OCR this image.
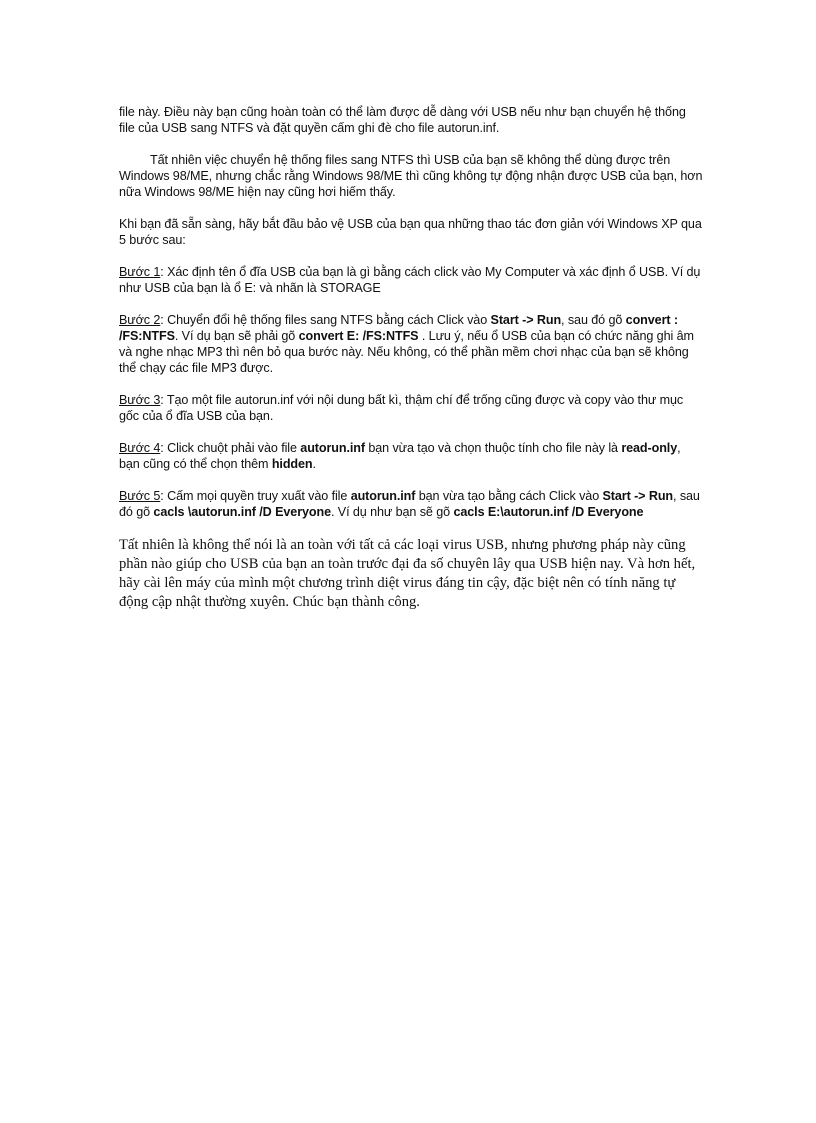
file này. Điều này bạn cũng hoàn toàn có thể làm được dễ dàng với USB nếu như bạn chuyển hệ thống file của USB sang NTFS và đặt quyền cấm ghi đè cho file autorun.inf.

Tất nhiên việc chuyển hệ thống files sang NTFS thì USB của bạn sẽ không thể dùng được trên Windows 98/ME, nhưng chắc rằng Windows 98/ME thì cũng không tự động nhận được USB của bạn, hơn nữa Windows 98/ME hiện nay cũng hơi hiếm thấy.

Khi bạn đã sẵn sàng, hãy bắt đầu bảo vệ USB của bạn qua những thao tác đơn giản với Windows XP qua 5 bước sau:

Bước 1: Xác định tên ổ đĩa USB của bạn là gì bằng cách click vào My Computer và xác định ổ USB. Ví dụ như USB của bạn là ổ E: và nhãn là STORAGE

Bước 2: Chuyển đổi hệ thống files sang NTFS bằng cách Click vào Start -> Run, sau đó gõ convert : /FS:NTFS. Ví dụ bạn sẽ phải gõ convert E: /FS:NTFS . Lưu ý, nếu ổ USB của bạn có chức năng ghi âm và nghe nhạc MP3 thì nên bỏ qua bước này. Nếu không, có thể phần mềm chơi nhạc của bạn sẽ không thể chạy các file MP3 được.

Bước 3: Tạo một file autorun.inf với nội dung bất kì, thậm chí để trống cũng được và copy vào thư mục gốc của ổ đĩa USB của bạn.

Bước 4: Click chuột phải vào file autorun.inf bạn vừa tạo và chọn thuộc tính cho file này là read-only, bạn cũng có thể chọn thêm hidden.

Bước 5: Cấm mọi quyền truy xuất vào file autorun.inf bạn vừa tạo bằng cách Click vào Start -> Run, sau đó gõ cacls \autorun.inf /D Everyone. Ví dụ như bạn sẽ gõ cacls E:\autorun.inf /D Everyone

Tất nhiên là không thể nói là an toàn với tất cả các loại virus USB, nhưng phương pháp này cũng phần nào giúp cho USB của bạn an toàn trước đại đa số chuyên lây qua USB hiện nay. Và hơn hết, hãy cài lên máy của mình một chương trình diệt virus đáng tin cậy, đặc biệt nên có tính năng tự động cập nhật thường xuyên. Chúc bạn thành công.
